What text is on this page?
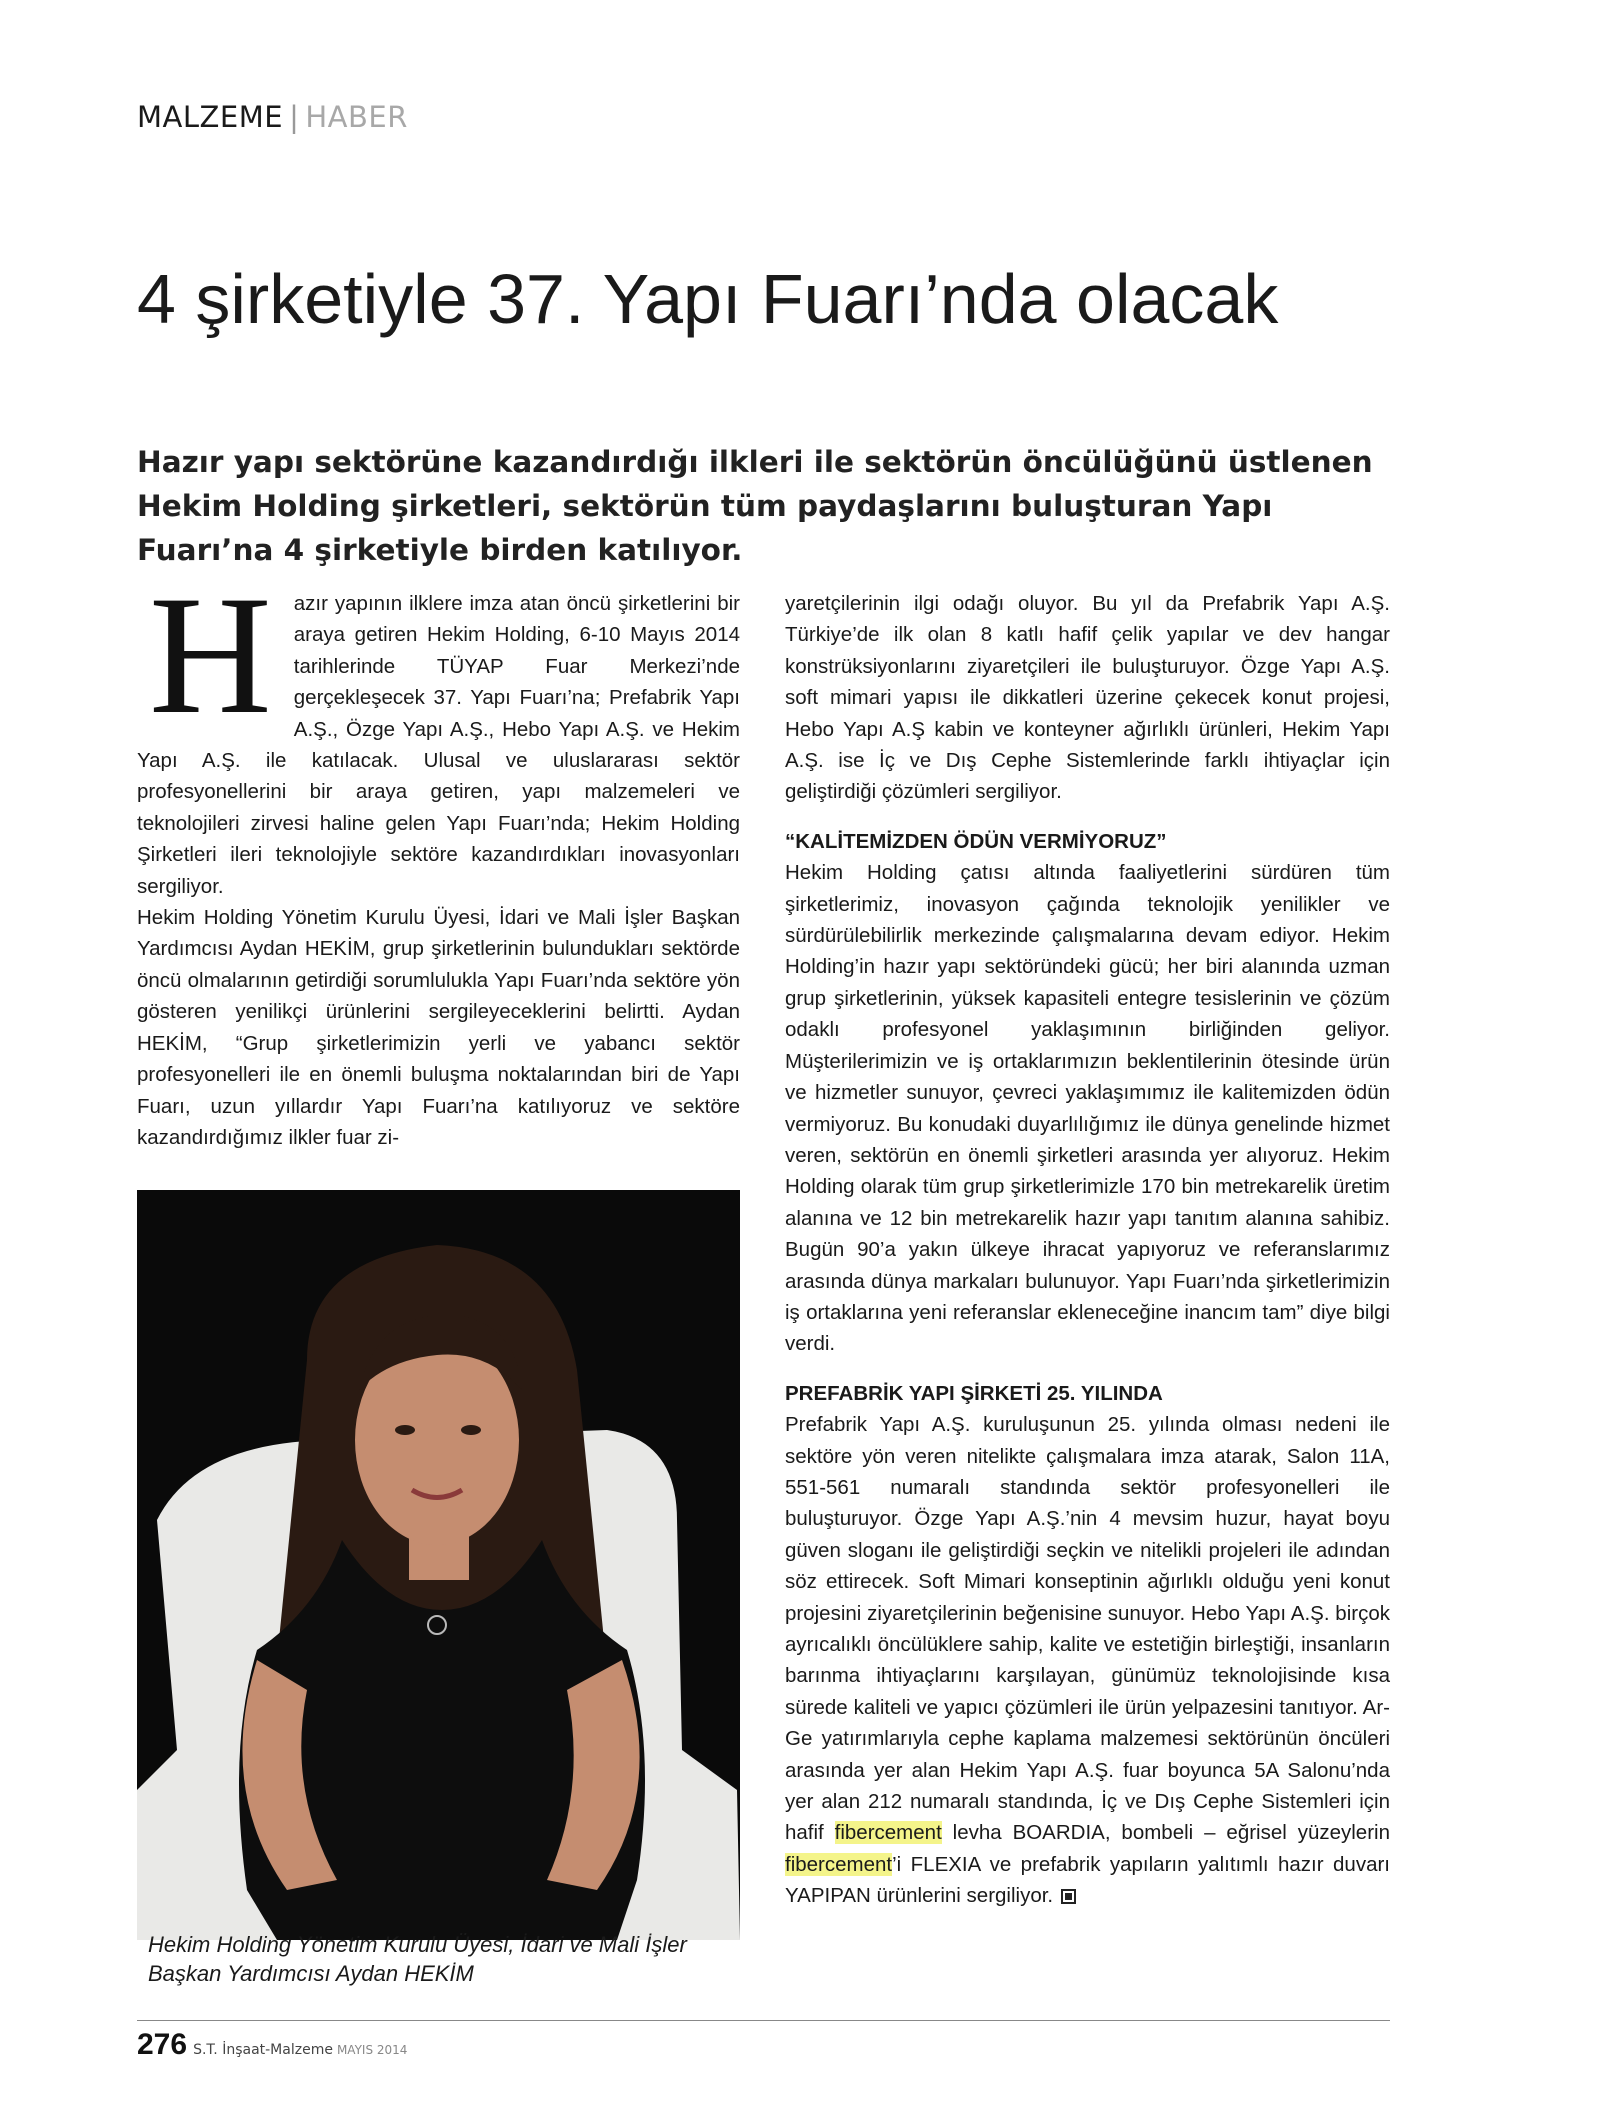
MALZEME | HABER
4 şirketiyle 37. Yapı Fuarı’nda olacak

Hazır yapı sektörüne kazandırdığı ilkleri ile sektörün öncülüğünü üstlenen Hekim Holding şirketleri, sektörün tüm paydaşlarını buluşturan Yapı Fuarı’na 4 şirketiyle birden katılıyor.

H	azır yapının ilklere imza atan öncü şirketlerini bir araya getiren Hekim Holding, 6-10 Mayıs 2014 tarihlerinde TÜYAP Fuar Merkezi’nde gerçekleşecek 37. Yapı Fuarı’na; Prefabrik Yapı A.Ş., Özge Yapı A.Ş., Hebo Yapı A.Ş. ve Hekim Yapı A.Ş. ile katılacak. Ulusal ve uluslararası sektör profesyonellerini bir araya getiren, yapı malzemeleri ve teknolojileri zirvesi haline gelen Yapı Fuarı’nda; Hekim Holding Şirketleri ileri teknolojiyle sektöre kazandırdıkları inovasyonları sergiliyor.

Hekim Holding Yönetim Kurulu Üyesi, İdari ve Mali İşler Başkan Yardımcısı Aydan HEKİM, grup şirketlerinin bulundukları sektörde öncü olmalarının getirdiği sorumlulukla Yapı Fuarı’nda sektöre yön gösteren yenilikçi ürünlerini sergileyeceklerini belirtti. Aydan HEKİM, “Grup şirketlerimizin yerli ve yabancı sektör profesyonelleri ile en önemli buluşma noktalarından biri de Yapı Fuarı, uzun yıllardır Yapı Fuarı’na katılıyoruz ve sektöre kazandırdığımız ilkler fuar zi-

Hekim Holding Yönetim Kurulu Üyesi, İdari ve Mali İşler Başkan Yardımcısı Aydan HEKİM

yaretçilerinin ilgi odağı oluyor. Bu yıl da Prefabrik Yapı A.Ş. Türkiye’de ilk olan 8 katlı hafif çelik yapılar ve dev hangar konstrüksiyonlarını ziyaretçileri ile buluşturuyor. Özge Yapı A.Ş. soft mimari yapısı ile dikkatleri üzerine çekecek konut projesi, Hebo Yapı A.Ş kabin ve konteyner ağırlıklı ürünleri, Hekim Yapı A.Ş. ise İç ve Dış Cephe Sistemlerinde farklı ihtiyaçlar için geliştirdiği çözümleri sergiliyor.

“KALİTEMİZDEN ÖDÜN VERMİYORUZ”

Hekim Holding çatısı altında faaliyetlerini sürdüren tüm şirketlerimiz, inovasyon çağında teknolojik yenilikler ve sürdürülebilirlik merkezinde çalışmalarına devam ediyor. Hekim Holding’in hazır yapı sektöründeki gücü; her biri alanında uzman grup şirketlerinin, yüksek kapasiteli entegre tesislerinin ve çözüm odaklı profesyonel yaklaşımının birliğinden geliyor. Müşterilerimizin ve iş ortaklarımızın beklentilerinin ötesinde ürün ve hizmetler sunuyor, çevreci yaklaşımımız ile kalitemizden ödün vermiyoruz. Bu konudaki duyarlılığımız ile dünya genelinde hizmet veren, sektörün en önemli şirketleri arasında yer alıyoruz. Hekim Holding olarak tüm grup şirketlerimizle 170 bin metrekarelik üretim alanına ve 12 bin metrekarelik hazır yapı tanıtım alanına sahibiz. Bugün 90’a yakın ülkeye ihracat yapıyoruz ve referanslarımız arasında dünya markaları bulunuyor. Yapı Fuarı’nda şirketlerimizin iş ortaklarına yeni referanslar ekleneceğine inancım tam” diye bilgi verdi.

PREFABRİK YAPI ŞİRKETİ 25. YILINDA

Prefabrik Yapı A.Ş. kuruluşunun 25. yılında olması nedeni ile sektöre yön veren nitelikte çalışmalara imza atarak, Salon 11A, 551-561 numaralı standında sektör profesyonelleri ile buluşturuyor. Özge Yapı A.Ş.’nin 4 mevsim huzur, hayat boyu güven sloganı ile geliştirdiği seçkin ve nitelikli projeleri ile adından söz ettirecek. Soft Mimari konseptinin ağırlıklı olduğu yeni konut projesini ziyaretçilerinin beğenisine sunuyor. Hebo Yapı A.Ş. birçok ayrıcalıklı öncülüklere sahip, kalite ve estetiğin birleştiği, insanların barınma ihtiyaçlarını karşılayan, günümüz teknolojisinde kısa sürede kaliteli ve yapıcı çözümleri ile ürün yelpazesini tanıtıyor. Ar-Ge yatırımlarıyla cephe kaplama malzemesi sektörünün öncüleri arasında yer alan Hekim Yapı A.Ş. fuar boyunca 5A Salonu’nda yer alan 212 numaralı standında, İç ve Dış Cephe Sistemleri için hafif fibercement levha BOARDIA, bombeli – eğrisel yüzeylerin fibercement’i FLEXIA ve prefabrik yapıların yalıtımlı hazır duvarı YAPIPAN ürünlerini sergiliyor.

276 S.T. İnşaat-Malzeme MAYIS 2014
